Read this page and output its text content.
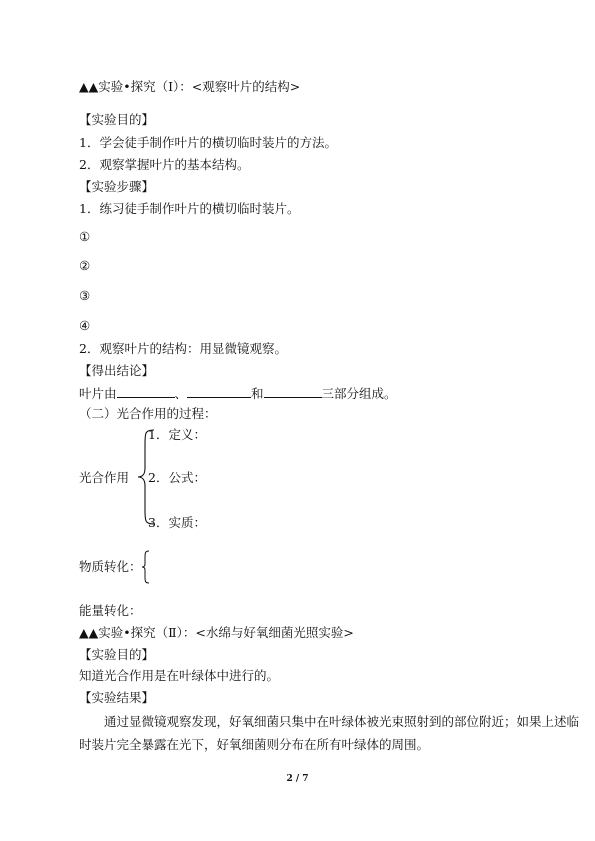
▲▲实验•探究（Ⅰ）：<观察叶片的结构>
【实验目的】
1．学会徒手制作叶片的横切临时装片的方法。
2．观察掌握叶片的基本结构。
【实验步骤】
1．练习徒手制作叶片的横切临时装片。
①
②
③
④
2．观察叶片的结构：用显微镜观察。
【得出结论】
叶片由	、	和	三部分组成。
（二）光合作用的过程：
光合作用
1．定义：
2．公式：
3．实质：
物质转化：
能量转化：
▲▲实验•探究（Ⅱ）：<水绵与好氧细菌光照实验>
【实验目的】
知道光合作用是在叶绿体中进行的。
【实验结果】
通过显微镜观察发现，好氧细菌只集中在叶绿体被光束照射到的部位附近；如果上述临
时装片完全暴露在光下，好氧细菌则分布在所有叶绿体的周围。
2 / 7
